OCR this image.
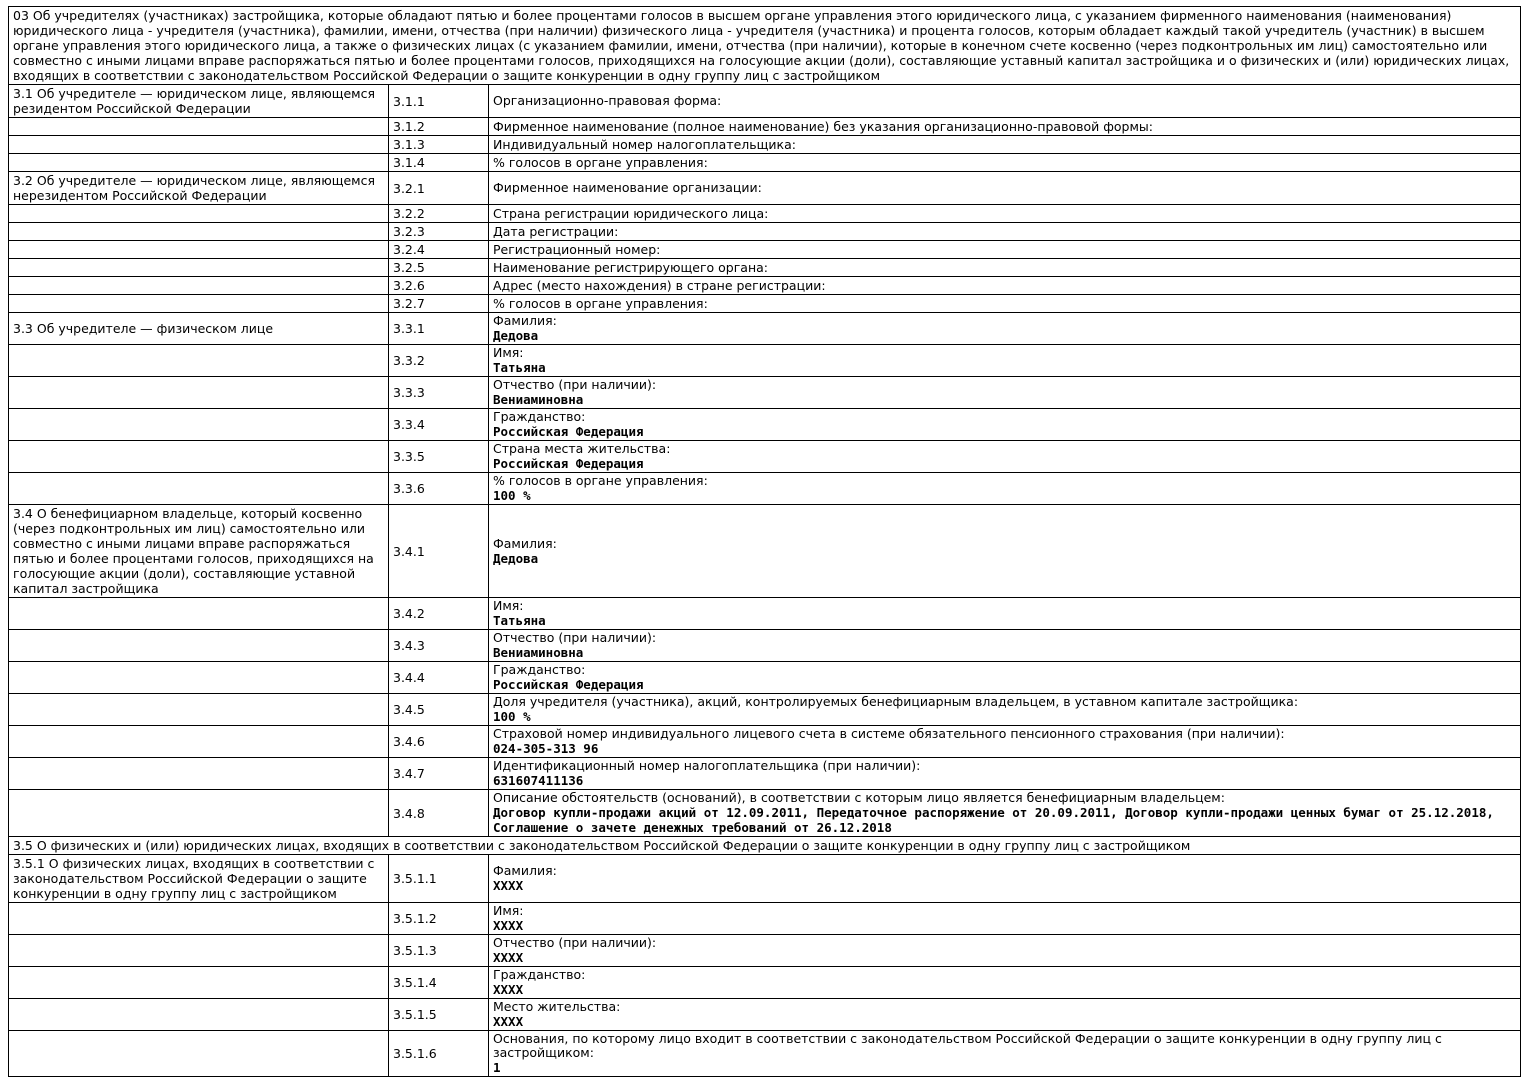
03 Об учредителях (участниках) застройщика, которые обладают пятью и более процентами голосов в высшем органе управления этого юридического лица, с указанием фирменного наименования (наименования) юридического лица - учредителя (участника), фамилии, имени, отчества (при наличии) физического лица - учредителя (участника) и процента голосов, которым обладает каждый такой учредитель (участник) в высшем органе управления этого юридического лица, а также о физических лицах (с указанием фамилии, имени, отчества (при наличии), которые в конечном счете косвенно (через подконтрольных им лиц) самостоятельно или совместно с иными лицами вправе распоряжаться пятью и более процентами голосов, приходящихся на голосующие акции (доли), составляющие уставный капитал застройщика и о физических и (или) юридических лицах, входящих в соответствии с законодательством Российской Федерации о защите конкуренции в одну группу лиц с застройщиком		
3.1 Об учредителе — юридическом лице, являющемся резидентом Российской Федерации	3.1.1	Организационно-правовая форма:

	3.1.2	Фирменное наименование (полное наименование) без указания организационно-правовой формы:

	3.1.3	Индивидуальный номер налогоплательщика:

	3.1.4	% голосов в органе управления:

3.2 Об учредителе — юридическом лице, являющемся нерезидентом Российской Федерации	3.2.1	Фирменное наименование организации:

	3.2.2	Страна регистрации юридического лица:

	3.2.3	Дата регистрации:

	3.2.4	Регистрационный номер:

	3.2.5	Наименование регистрирующего органа:

	3.2.6	Адрес (место нахождения) в стране регистрации:

	3.2.7	% голосов в органе управления:

3.3 Об учредителе — физическом лице	3.3.1	Фамилия:
Дедова

	3.3.2	Имя:
Татьяна

	3.3.3	Отчество (при наличии):
Вениаминовна

	3.3.4	Гражданство:
Российская Федерация

	3.3.5	Страна места жительства:
Российская Федерация

	3.3.6	% голосов в органе управления:
100 %

3.4 О бенефициарном владельце, который косвенно (через подконтрольных им лиц) самостоятельно или совместно с иными лицами вправе распоряжаться пятью и более процентами голосов, приходящихся на голосующие акции (доли), составляющие уставной капитал застройщика	3.4.1	Фамилия:
Дедова

	3.4.2	Имя:
Татьяна

	3.4.3	Отчество (при наличии):
Вениаминовна

	3.4.4	Гражданство:
Российская Федерация

	3.4.5	Доля учредителя (участника), акций, контролируемых бенефициарным владельцем, в уставном капитале застройщика:
100 %

	3.4.6	Страховой номер индивидуального лицевого счета в системе обязательного пенсионного страхования (при наличии):
024-305-313 96

	3.4.7	Идентификационный номер налогоплательщика (при наличии):
631607411136

	3.4.8	Описание обстоятельств (оснований), в соответствии с которым лицо является бенефициарным владельцем:
Договор купли-продажи акций от 12.09.2011, Передаточное распоряжение от 20.09.2011, Договор купли-продажи ценных бумаг от 25.12.2018, Соглашение о зачете денежных требований от 26.12.2018

3.5 О физических и (или) юридических лицах, входящих в соответствии с законодательством Российской Федерации о защите конкуренции в одну группу лиц с застройщиком		
3.5.1 О физических лицах, входящих в соответствии с законодательством Российской Федерации о защите конкуренции в одну группу лиц с застройщиком	3.5.1.1	Фамилия:
XXXX

	3.5.1.2	Имя:
XXXX

	3.5.1.3	Отчество (при наличии):
XXXX

	3.5.1.4	Гражданство:
XXXX

	3.5.1.5	Место жительства:
XXXX

	3.5.1.6	Основания, по которому лицо входит в соответствии с законодательством Российской Федерации о защите конкуренции в одну группу лиц с застройщиком:
1
